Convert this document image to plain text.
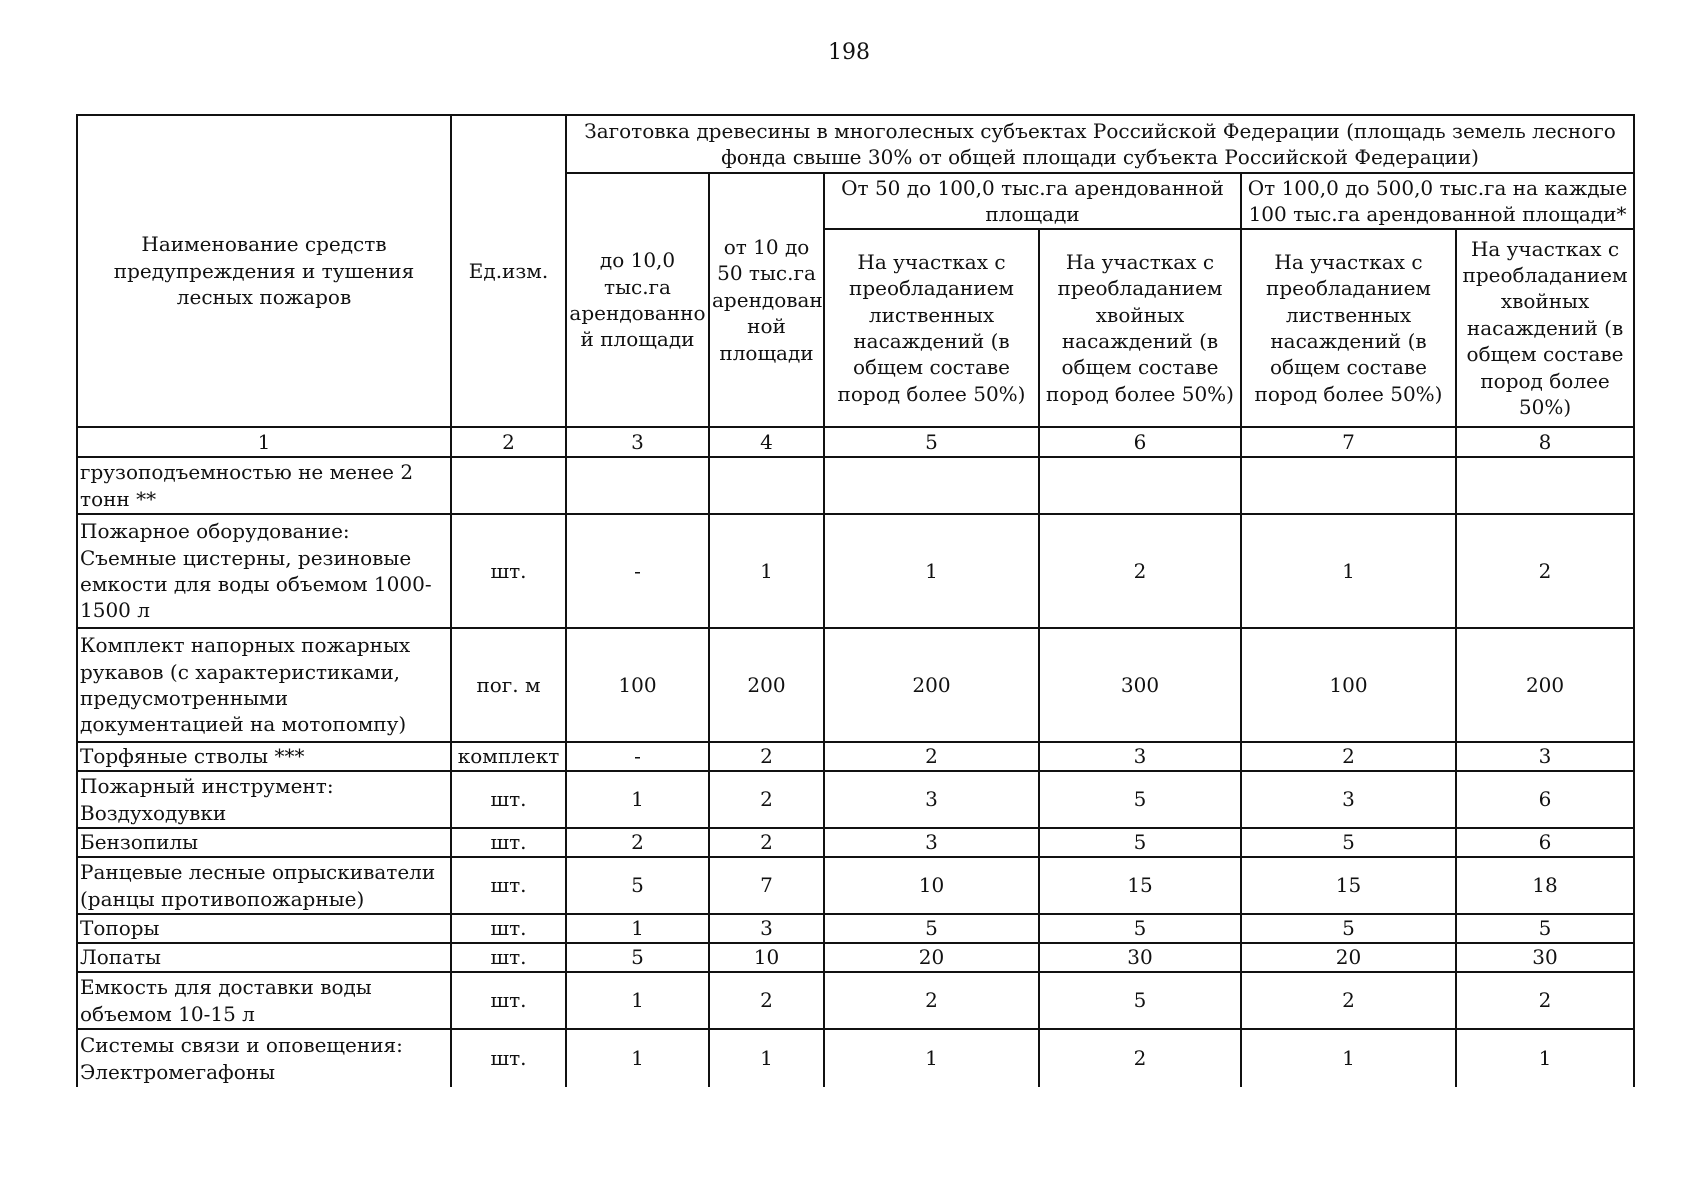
198
Наименование средств предупреждения и тушения лесных пожаров	Ед.изм.	Заготовка древесины в многолесных субъектах Российской Федерации (площадь земель лесного фонда свыше 30% от общей площади субъекта Российской Федерации)					
		до 10,0 тыс.га арендованно й площади	от 10 до 50 тыс.га арендован ной площади	От 50 до 100,0 тыс.га арендованной площади		От 100,0 до 500,0 тыс.га на каждые 100 тыс.га арендованной площади*	
				На участках с преобладанием лиственных насаждений (в общем составе пород более 50%)	На участках с преобладанием хвойных насаждений (в общем составе пород более 50%)	На участках с преобладанием лиственных насаждений (в общем составе пород более 50%)	На участках с преобладанием хвойных насаждений (в общем составе пород более 50%)
1	2	3	4	5	6	7	8
грузоподъемностью не менее 2 тонн **							
Пожарное оборудование: Съемные цистерны, резиновые емкости для воды объемом 1000-1500 л	шт.	-	1	1	2	1	2
Комплект напорных пожарных рукавов (с характеристиками, предусмотренными документацией на мотопомпу)	пог. м	100	200	200	300	100	200
Торфяные стволы ***	комплект	-	2	2	3	2	3
Пожарный инструмент: Воздуходувки	шт.	1	2	3	5	3	6
Бензопилы	шт.	2	2	3	5	5	6
Ранцевые лесные опрыскиватели (ранцы противопожарные)	шт.	5	7	10	15	15	18
Топоры	шт.	1	3	5	5	5	5
Лопаты	шт.	5	10	20	30	20	30
Емкость для доставки воды объемом 10-15 л	шт.	1	2	2	5	2	2
Системы связи и оповещения: Электромегафоны	шт.	1	1	1	2	1	1
